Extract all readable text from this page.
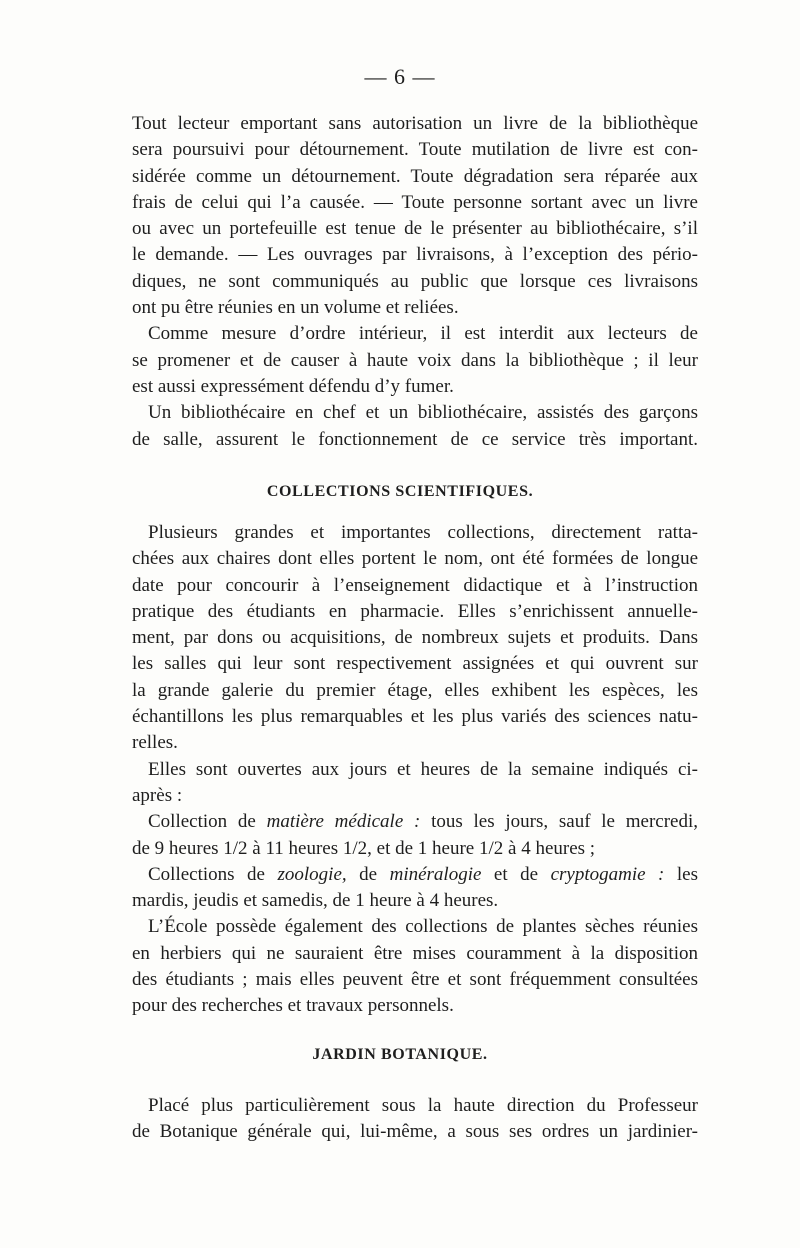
— 6 —

Tout lecteur emportant sans autorisation un livre de la bibliothèque
sera poursuivi pour détournement. Toute mutilation de livre est con-
sidérée comme un détournement. Toute dégradation sera réparée aux
frais de celui qui l’a causée. — Toute personne sortant avec un livre
ou avec un portefeuille est tenue de le présenter au bibliothécaire, s’il
le demande. — Les ouvrages par livraisons, à l’exception des pério-
diques, ne sont communiqués au public que lorsque ces livraisons
ont pu être réunies en un volume et reliées.

Comme mesure d’ordre intérieur, il est interdit aux lecteurs de
se promener et de causer à haute voix dans la bibliothèque ; il leur
est aussi expressément défendu d’y fumer.

Un bibliothécaire en chef et un bibliothécaire, assistés des garçons
de salle, assurent le fonctionnement de ce service très important.

COLLECTIONS SCIENTIFIQUES.

Plusieurs grandes et importantes collections, directement ratta-
chées aux chaires dont elles portent le nom, ont été formées de longue
date pour concourir à l’enseignement didactique et à l’instruction
pratique des étudiants en pharmacie. Elles s’enrichissent annuelle-
ment, par dons ou acquisitions, de nombreux sujets et produits. Dans
les salles qui leur sont respectivement assignées et qui ouvrent sur
la grande galerie du premier étage, elles exhibent les espèces, les
échantillons les plus remarquables et les plus variés des sciences natu-
relles.

Elles sont ouvertes aux jours et heures de la semaine indiqués ci-
après :

Collection de matière médicale : tous les jours, sauf le mercredi,
de 9 heures 1/2 à 11 heures 1/2, et de 1 heure 1/2 à 4 heures ;

Collections de zoologie, de minéralogie et de cryptogamie : les
mardis, jeudis et samedis, de 1 heure à 4 heures.

L’École possède également des collections de plantes sèches réunies
en herbiers qui ne sauraient être mises couramment à la disposition
des étudiants ; mais elles peuvent être et sont fréquemment consultées
pour des recherches et travaux personnels.

JARDIN BOTANIQUE.

Placé plus particulièrement sous la haute direction du Professeur
de Botanique générale qui, lui-même, a sous ses ordres un jardinier-
